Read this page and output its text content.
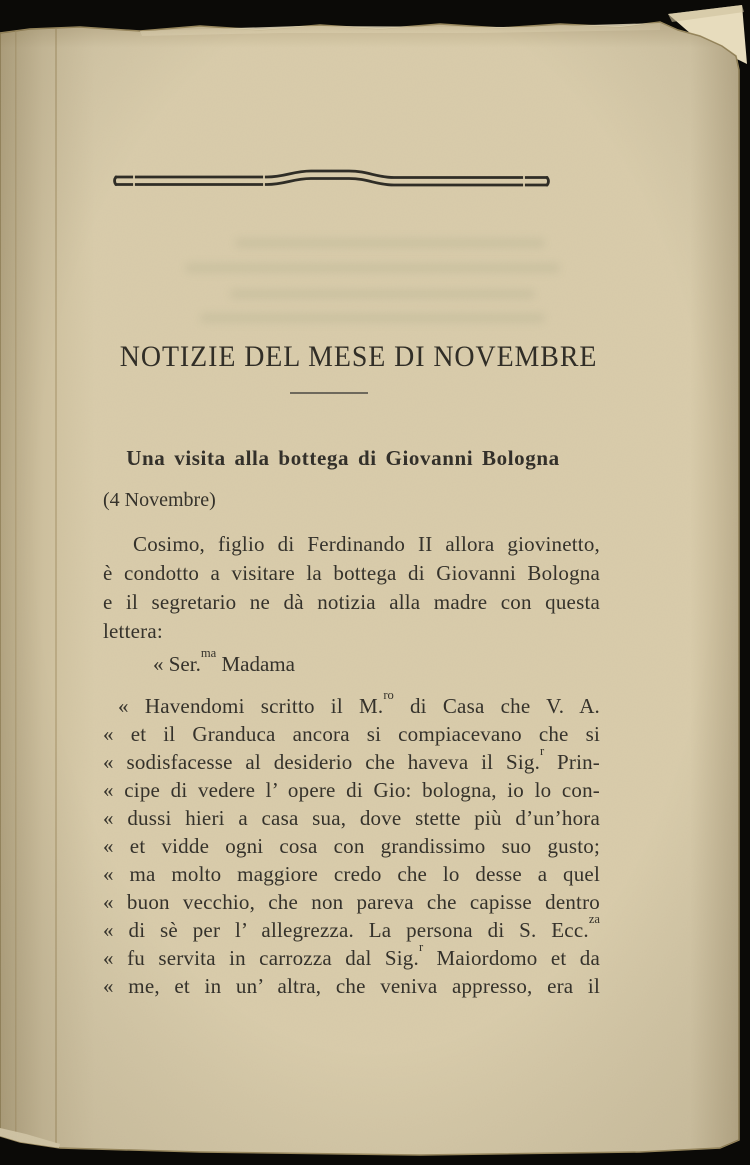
NOTIZIE DEL MESE DI NOVEMBRE
Una visita alla bottega di Giovanni Bologna
(4 Novembre)
Cosimo, figlio di Ferdinando II allora giovinetto,
è condotto a visitare la bottega di Giovanni Bologna
e il segretario ne dà notizia alla madre con questa
lettera:
« Ser.$^{ma}$ Madama
« Havendomi scritto il M.$^{ro}$ di Casa che V. A.
« et il Granduca ancora si compiacevano che si
« sodisfacesse al desiderio che haveva il Sig.$^r$ Prin-
« cipe di vedere l’ opere di Gio: bologna, io lo con-
« dussi hieri a casa sua, dove stette più d’un’hora
« et vidde ogni cosa con grandissimo suo gusto;
« ma molto maggiore credo che lo desse a quel
« buon vecchio, che non pareva che capisse dentro
« di sè per l’ allegrezza. La persona di S. Ecc.$^{za}$
« fu servita in carrozza dal Sig.$^r$ Maiordomo et da
« me, et in un’ altra, che veniva appresso, era il
